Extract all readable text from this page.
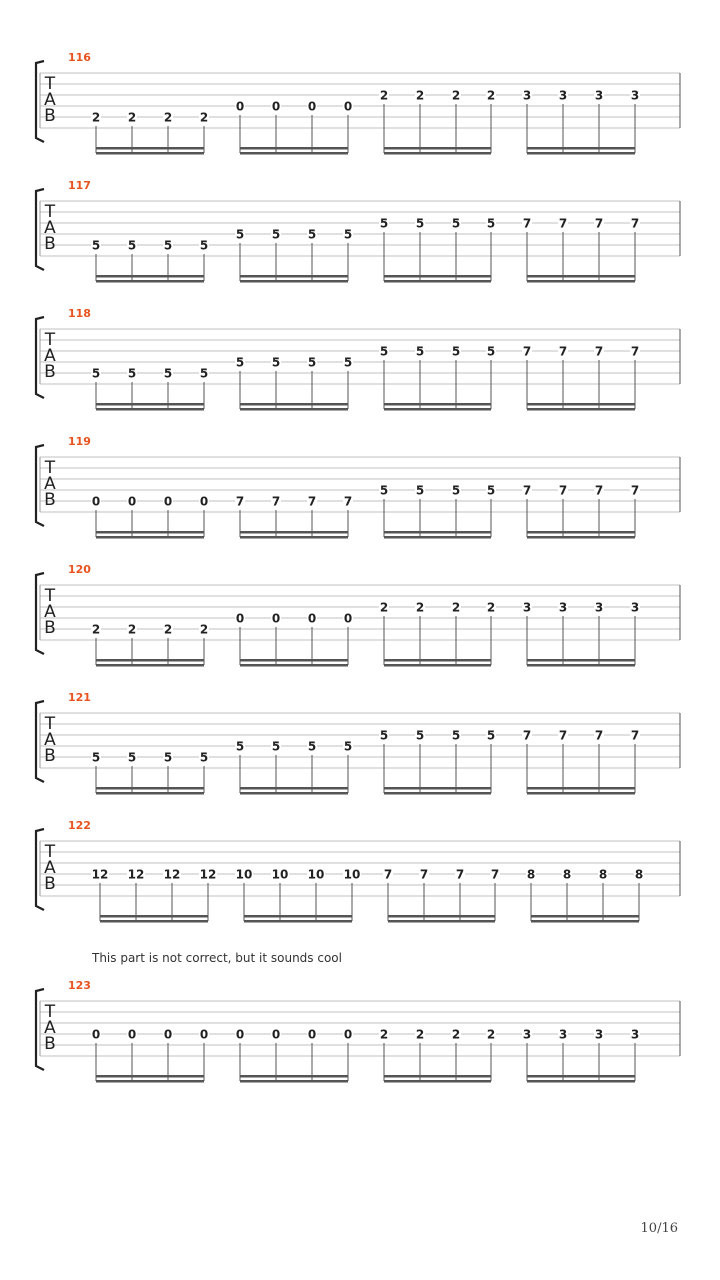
116
T
A
B	2 2 2 2
0 0 0 0
2 2 2 2 3 3 3 3
117
T
A
B	5 5 5 5
5 5 5 5
5 5 5 5 7 7 7 7
118
T
A
B	5 5 5 5
5 5 5 5
5 5 5 5 7 7 7 7
119
T
A
B	0 0 0 0 7 7 7 7
5 5 5 5 7 7 7 7
120
T
A
B	2 2 2 2
0 0 0 0
2 2 2 2 3 3 3 3
121
T
A
B	5 5 5 5
5 5 5 5
5 5 5 5 7 7 7 7
122
T
A
B	12 12 12 12 10 10 10 10 7 7 7 7 8 8 8 8
123
T
A
B	0 0 0 0 0 0 0 0 2 2 2 2 3 3 3 3
This part is not correct, but it sounds cool
10/16
